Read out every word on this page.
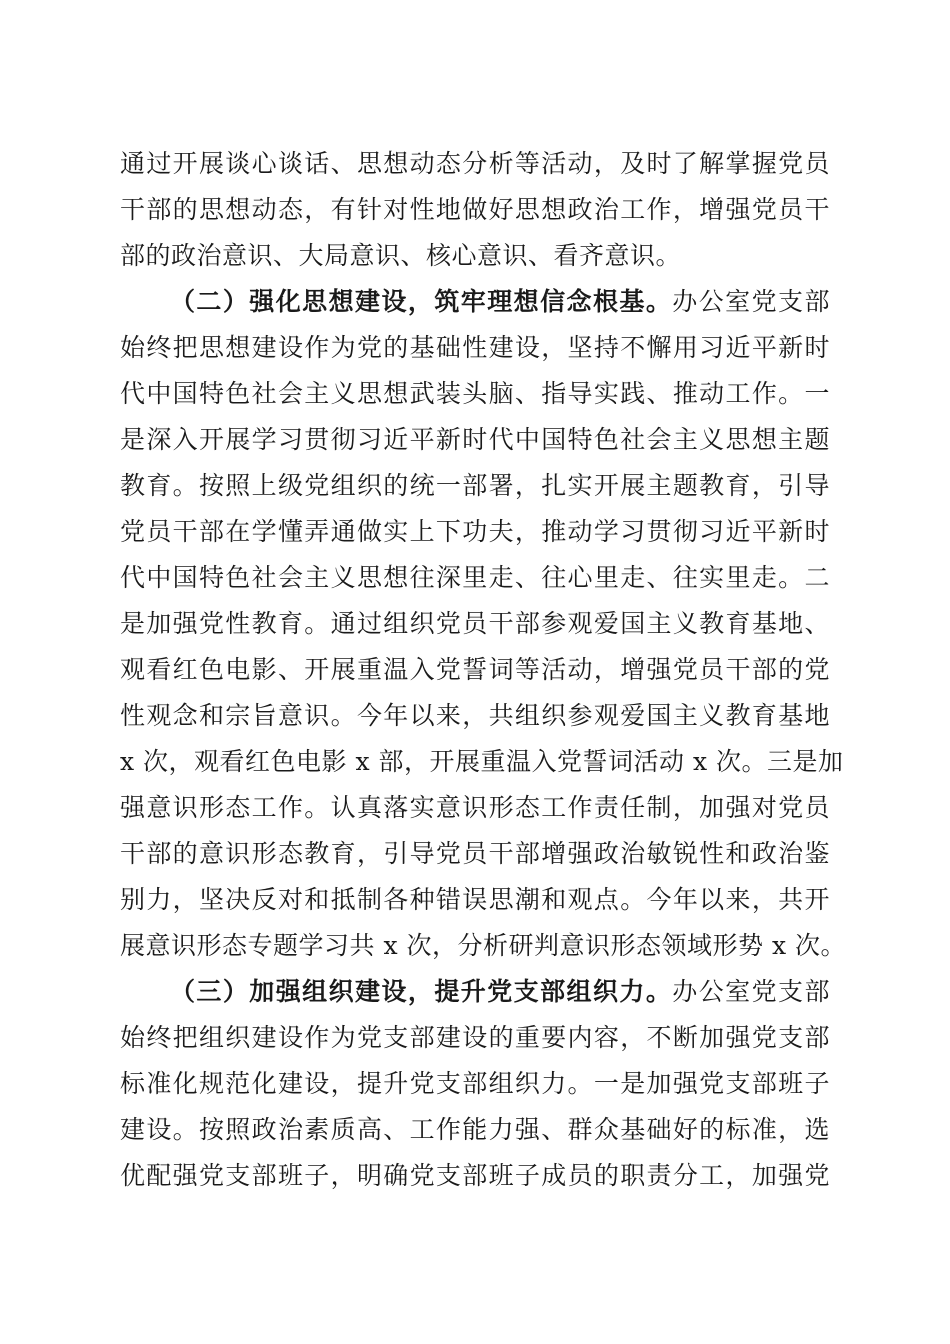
通过开展谈心谈话、思想动态分析等活动，及时了解掌握党员
干部的思想动态，有针对性地做好思想政治工作，增强党员干
部的政治意识、大局意识、核心意识、看齐意识。
（二）强化思想建设，筑牢理想信念根基。办公室党支部
始终把思想建设作为党的基础性建设，坚持不懈用习近平新时
代中国特色社会主义思想武装头脑、指导实践、推动工作。一
是深入开展学习贯彻习近平新时代中国特色社会主义思想主题
教育。按照上级党组织的统一部署，扎实开展主题教育，引导
党员干部在学懂弄通做实上下功夫，推动学习贯彻习近平新时
代中国特色社会主义思想往深里走、往心里走、往实里走。二
是加强党性教育。通过组织党员干部参观爱国主义教育基地、
观看红色电影、开展重温入党誓词等活动，增强党员干部的党
性观念和宗旨意识。今年以来，共组织参观爱国主义教育基地
x 次，观看红色电影 x 部，开展重温入党誓词活动 x 次。三是加
强意识形态工作。认真落实意识形态工作责任制，加强对党员
干部的意识形态教育，引导党员干部增强政治敏锐性和政治鉴
别力，坚决反对和抵制各种错误思潮和观点。今年以来，共开
展意识形态专题学习共 x 次，分析研判意识形态领域形势 x 次。
（三）加强组织建设，提升党支部组织力。办公室党支部
始终把组织建设作为党支部建设的重要内容，不断加强党支部
标准化规范化建设，提升党支部组织力。一是加强党支部班子
建设。按照政治素质高、工作能力强、群众基础好的标准，选
优配强党支部班子，明确党支部班子成员的职责分工，加强党
